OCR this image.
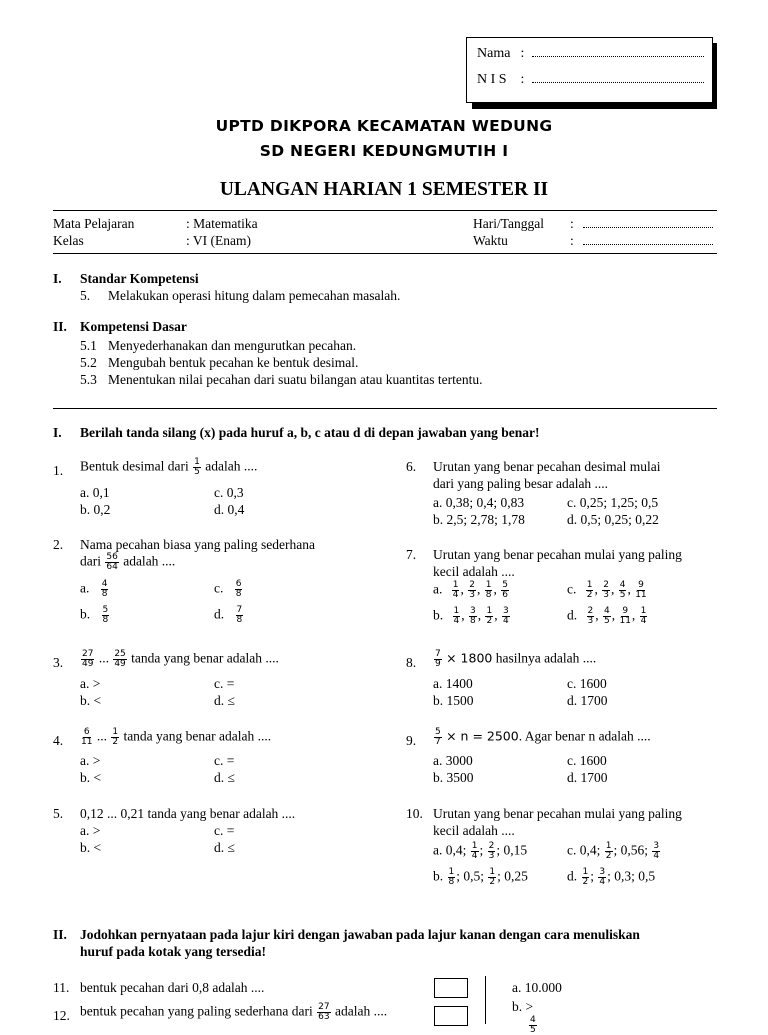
Nama :
N I S :
UPTD DIKPORA KECAMATAN WEDUNG
SD NEGERI KEDUNGMUTIH I
ULANGAN HARIAN 1 SEMESTER II
Mata Pelajaran	: Matematika
Kelas	: VI (Enam)
Hari/Tanggal :
Waktu	:
I. Standar Kompetensi
5. Melakukan operasi hitung dalam pemecahan masalah.
II. Kompetensi Dasar
5.1 Menyederhanakan dan mengurutkan pecahan.
5.2 Mengubah bentuk pecahan ke bentuk desimal.
5.3 Menentukan nilai pecahan dari suatu bilangan atau kuantitas tertentu.
I. Berilah tanda silang (x) pada huruf a, b, c atau d di depan jawaban yang benar!
1. Bentuk desimal dari $\frac{1}{5}$ adalah ....
a. 0,1
b. 0,2
c. 0,3
d. 0,4
2. Nama pecahan biasa yang paling sederhana
dari $\frac{56}{64}$ adalah ....
a. $\frac{4}{8}$
b. $\frac{5}{8}$
c. $\frac{6}{8}$
d. $\frac{7}{8}$
3. $\frac{27}{49}$ ... $\frac{25}{49}$ tanda yang benar adalah ....
a. >
b. <
c. =
d. ≤
4. $\frac{6}{11}$ ... $\frac{1}{2}$ tanda yang benar adalah ....
a. >
b. <
c. =
d. ≤
5. 0,12 ... 0,21 tanda yang benar adalah ....
a. >
b. <
c. =
d. ≤
6. Urutan yang benar pecahan desimal mulai
dari yang paling besar adalah ....
a. 0,38; 0,4; 0,83
b. 2,5; 2,78; 1,78
c. 0,25; 1,25; 0,5
d. 0,5; 0,25; 0,22
7. Urutan yang benar pecahan mulai yang paling
kecil adalah ....
a. $\frac{1}{4}$ , $\frac{2}{3}$ , $\frac{1}{8}$ , $\frac{5}{6}$
b. $\frac{1}{4}$ , $\frac{3}{8}$ , $\frac{1}{2}$ , $\frac{3}{4}$
c. $\frac{1}{2}$ , $\frac{2}{3}$ , $\frac{4}{5}$ , $\frac{9}{11}$
d. $\frac{2}{3}$ , $\frac{4}{5}$ , $\frac{9}{11}$ , $\frac{1}{4}$
8. $\frac{7}{9} \times 1800$ hasilnya adalah ....
a. 1400
b. 1500
c. 1600
d. 1700
9. $\frac{5}{7} \times n = 2500$. Agar benar n adalah ....
a. 3000
b. 3500
c. 1600
d. 1700
10. Urutan yang benar pecahan mulai yang paling
kecil adalah ....
a. 0,4; $\frac{1}{4}$ ; $\frac{2}{3}$ ; 0,15
b. $\frac{1}{8}$ ; 0,5; $\frac{1}{2}$ ; 0,25
c. 0,4; $\frac{1}{2}$ ; 0,56; $\frac{3}{4}$
d. $\frac{1}{2}$ ; $\frac{3}{4}$ ; 0,3; 0,5
II. Jodohkan pernyataan pada lajur kiri dengan jawaban pada lajur kanan dengan cara menuliskan
huruf pada kotak yang tersedia!
11. bentuk pecahan dari 0,8 adalah ....
12. bentuk pecahan yang paling sederhana dari $\frac{27}{63}$ adalah ....
a. 10.000
b. >
$\frac{4}{5}$
